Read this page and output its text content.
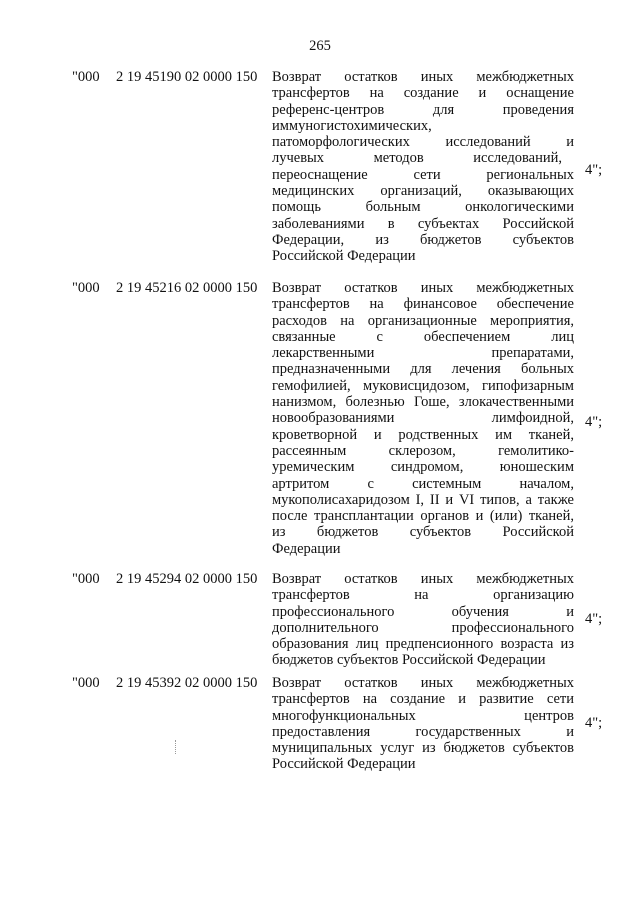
265
"000 2 19 45190 02 0000 150 Возврат остатков иных межбюджетных
трансфертов на создание и оснащение
референс-центров для проведения
иммуногистохимических,
патоморфологических исследований и
лучевых методов исследований,
переоснащение сети региональных
медицинских организаций, оказывающих
помощь больным онкологическими
заболеваниями в субъектах Российской
Федерации, из бюджетов субъектов
Российской Федерации
4";
"000 2 19 45216 02 0000 150 Возврат остатков иных межбюджетных
трансфертов на финансовое обеспечение
расходов на организационные мероприятия,
связанные с обеспечением лиц
лекарственными препаратами,
предназначенными для лечения больных
гемофилией, муковисцидозом, гипофизарным
нанизмом, болезнью Гоше, злокачественными
новообразованиями лимфоидной,
кроветворной и родственных им тканей,
рассеянным склерозом, гемолитико-
уремическим синдромом, юношеским
артритом с системным началом,
мукополисахаридозом I, II и VI типов, а также
после трансплантации органов и (или) тканей,
из бюджетов субъектов Российской
Федерации
4";
"000 2 19 45294 02 0000 150 Возврат остатков иных межбюджетных
трансфертов на организацию
профессионального обучения и
дополнительного профессионального
образования лиц предпенсионного возраста из
бюджетов субъектов Российской Федерации
4";
"000 2 19 45392 02 0000 150 Возврат остатков иных межбюджетных
трансфертов на создание и развитие сети
многофункциональных центров
предоставления государственных и
муниципальных услуг из бюджетов субъектов
Российской Федерации
4";
